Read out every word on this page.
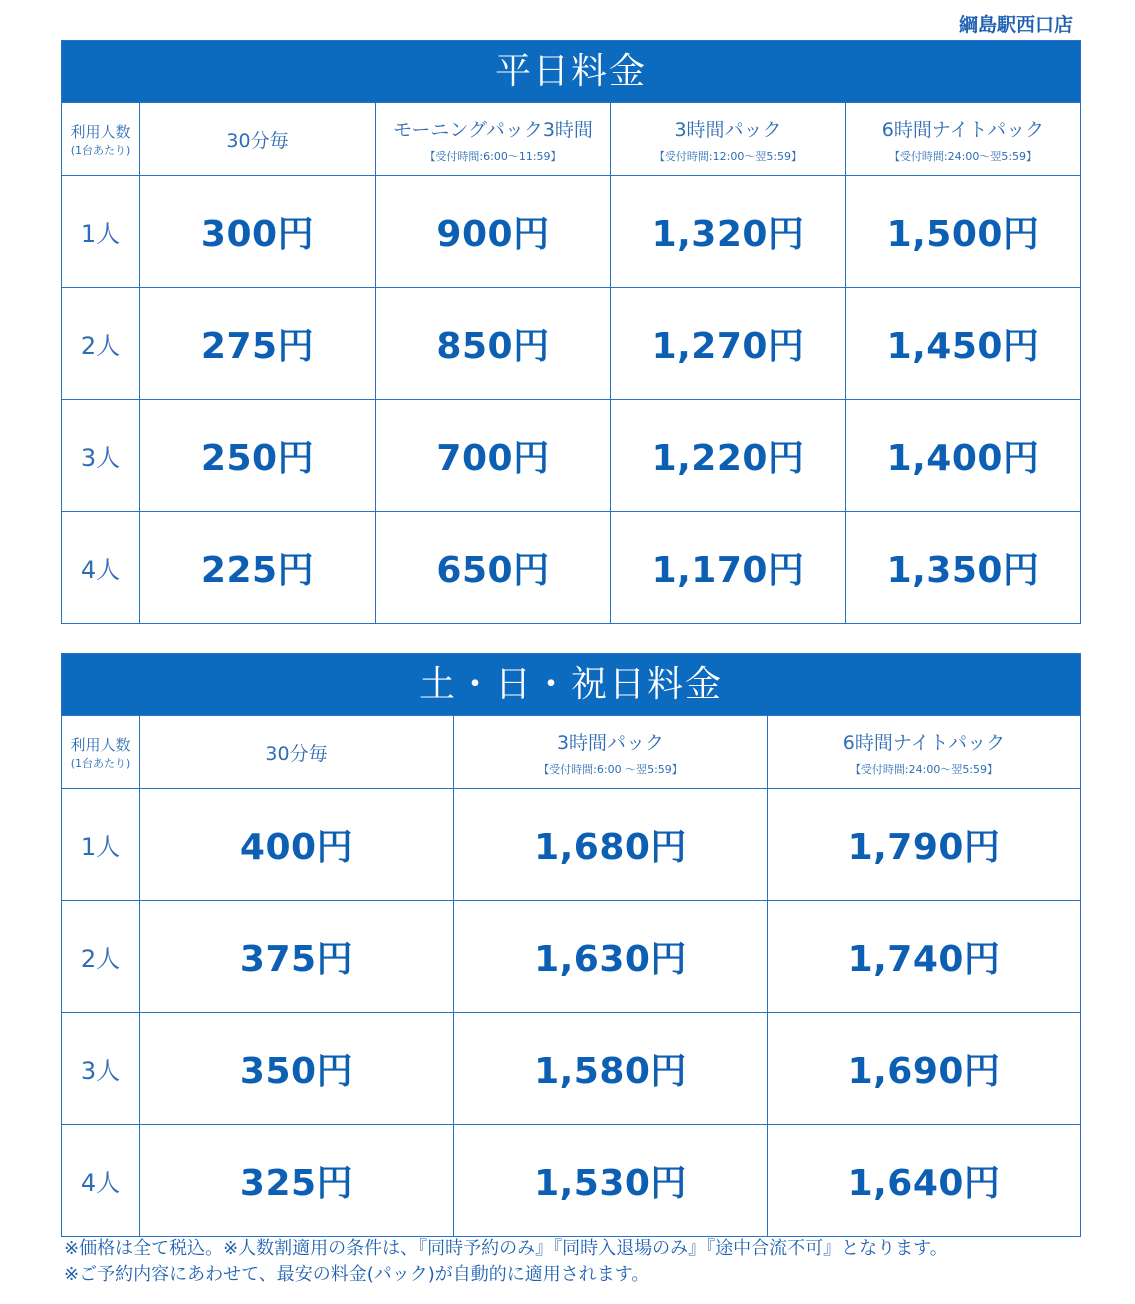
綱島駅西口店
平日料金
利用人数
(1台あたり)	30分毎	モーニングパック3時間
【受付時間:6:00～11:59】
3時間パック
【受付時間:12:00～翌5:59】
6時間ナイトパック
【受付時間:24:00～翌5:59】
1人 300円	900円	1,320円 1,500円
2人 275円	850円	1,270円 1,450円
3人 250円	700円	1,220円 1,400円
4人 225円	650円	1,170円 1,350円
土・日・祝日料金
利用人数
(1台あたり)	30分毎	3時間パック
【受付時間:6:00 ～翌5:59】
6時間ナイトパック
【受付時間:24:00～翌5:59】
1人	400円	1,680円	1,790円
2人	375円	1,630円	1,740円
3人	350円	1,580円	1,690円
4人	325円	1,530円	1,640円
※価格は全て税込。※人数割適用の条件は、『同時予約のみ』『同時入退場のみ』『途中合流不可』となります。
※ご予約内容にあわせて、最安の料金(パック)が自動的に適用されます。
